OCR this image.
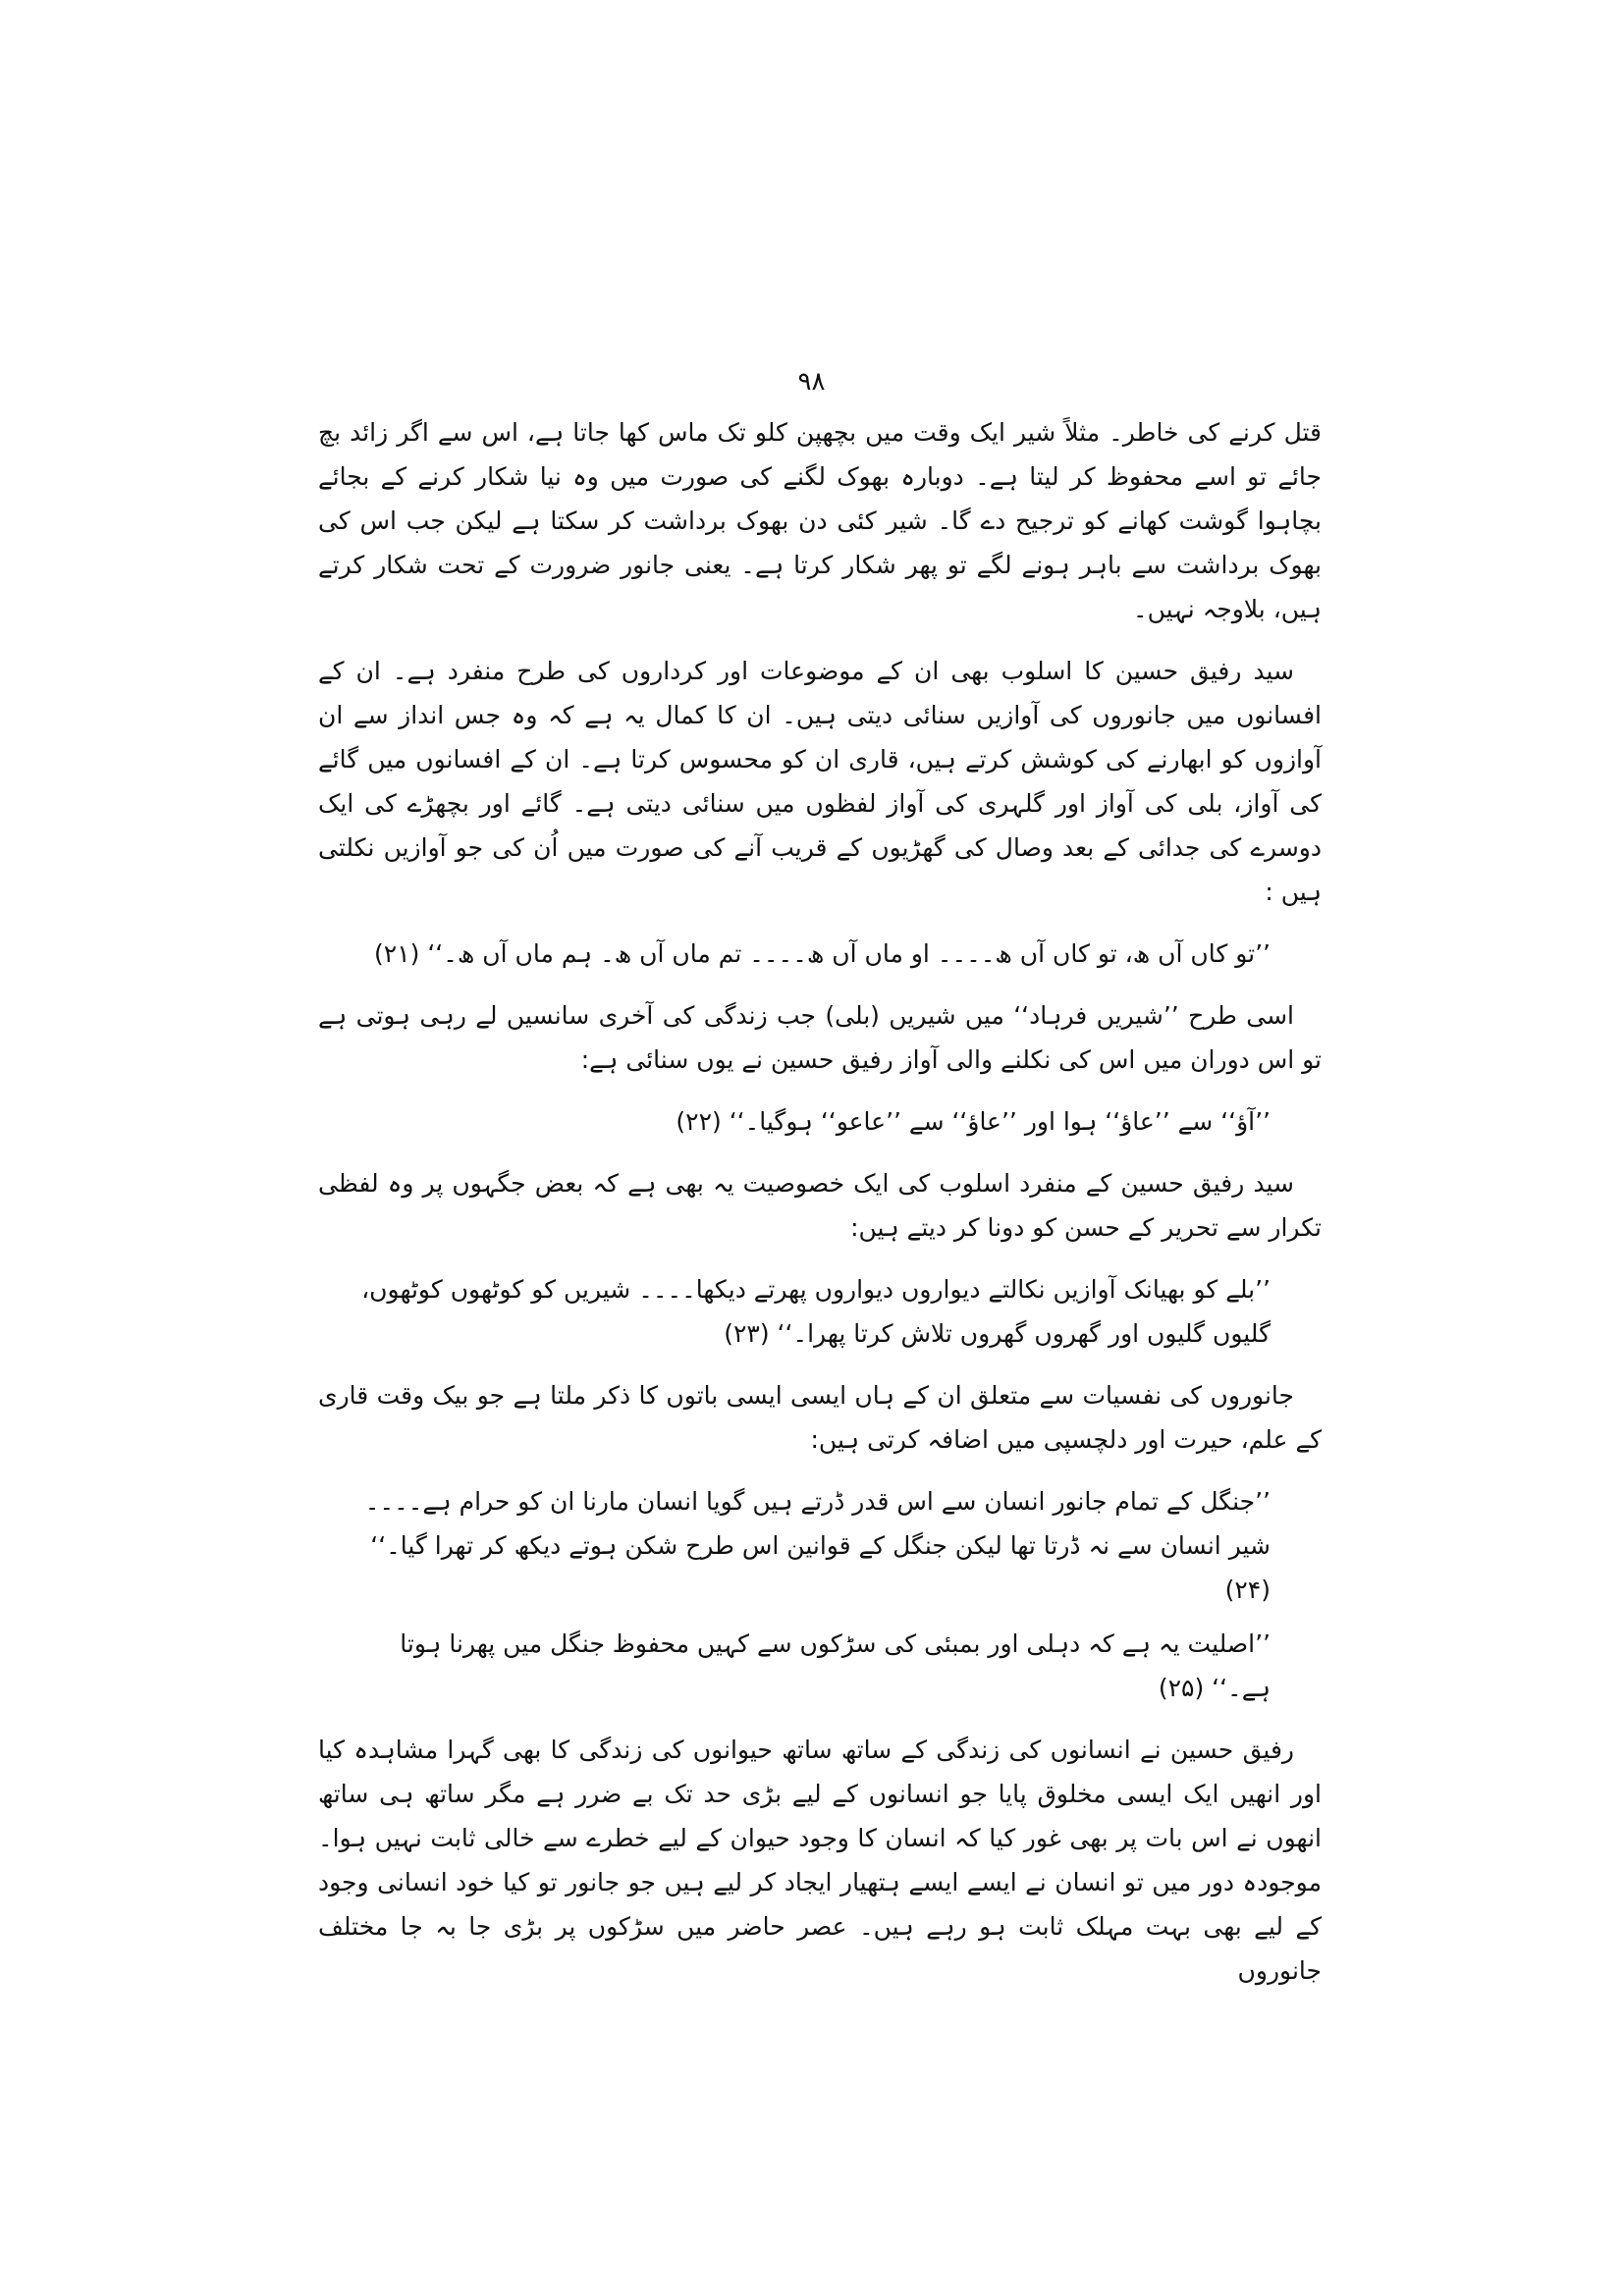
۹۸

قتل کرنے کی خاطر۔ مثلاً شیر ایک وقت میں بچھپن کلو تک ماس کھا جاتا ہے، اس سے اگر زائد بچ جائے تو اسے محفوظ کر لیتا ہے۔ دوبارہ بھوک لگنے کی صورت میں وہ نیا شکار کرنے کے بجائے بچاہوا گوشت کھانے کو ترجیح دے گا۔ شیر کئی دن بھوک برداشت کر سکتا ہے لیکن جب اس کی بھوک برداشت سے باہر ہونے لگے تو پھر شکار کرتا ہے۔ یعنی جانور ضرورت کے تحت شکار کرتے ہیں، بلاوجہ نہیں۔

سید رفیق حسین کا اسلوب بھی ان کے موضوعات اور کرداروں کی طرح منفرد ہے۔ ان کے افسانوں میں جانوروں کی آوازیں سنائی دیتی ہیں۔ ان کا کمال یہ ہے کہ وہ جس انداز سے ان آوازوں کو ابھارنے کی کوشش کرتے ہیں، قاری ان کو محسوس کرتا ہے۔ ان کے افسانوں میں گائے کی آواز، بلی کی آواز اور گلہری کی آواز لفظوں میں سنائی دیتی ہے۔ گائے اور بچھڑے کی ایک دوسرے کی جدائی کے بعد وصال کی گھڑیوں کے قریب آنے کی صورت میں اُن کی جو آوازیں نکلتی ہیں :

’’تو کاں آں ھ، تو کاں آں ھ۔۔۔۔ او ماں آں ھ۔۔۔۔ تم ماں آں ھ۔ ہم ماں آں ھ۔‘‘ (۲۱)

اسی طرح ’’شیریں فرہاد‘‘ میں شیریں (بلی) جب زندگی کی آخری سانسیں لے رہی ہوتی ہے تو اس دوران میں اس کی نکلنے والی آواز رفیق حسین نے یوں سنائی ہے:

’’آؤ‘‘ سے ’’عاؤ‘‘ ہوا اور ’’عاؤ‘‘ سے ’’عاعو‘‘ ہوگیا۔‘‘ (۲۲)

سید رفیق حسین کے منفرد اسلوب کی ایک خصوصیت یہ بھی ہے کہ بعض جگہوں پر وہ لفظی تکرار سے تحریر کے حسن کو دونا کر دیتے ہیں:

’’بلے کو بھیانک آوازیں نکالتے دیواروں دیواروں پھرتے دیکھا۔۔۔۔ شیریں کو کوٹھوں کوٹھوں، گلیوں گلیوں اور گھروں گھروں تلاش کرتا پھرا۔‘‘ (۲۳)

جانوروں کی نفسیات سے متعلق ان کے ہاں ایسی ایسی باتوں کا ذکر ملتا ہے جو بیک وقت قاری کے علم، حیرت اور دلچسپی میں اضافہ کرتی ہیں:

’’جنگل کے تمام جانور انسان سے اس قدر ڈرتے ہیں گویا انسان مارنا ان کو حرام ہے۔۔۔۔ شیر انسان سے نہ ڈرتا تھا لیکن جنگل کے قوانین اس طرح شکن ہوتے دیکھ کر تھرا گیا۔‘‘ (۲۴)

’’اصلیت یہ ہے کہ دہلی اور بمبئی کی سڑکوں سے کہیں محفوظ جنگل میں پھرنا ہوتا ہے۔‘‘ (۲۵)

رفیق حسین نے انسانوں کی زندگی کے ساتھ ساتھ حیوانوں کی زندگی کا بھی گہرا مشاہدہ کیا اور انھیں ایک ایسی مخلوق پایا جو انسانوں کے لیے بڑی حد تک بے ضرر ہے مگر ساتھ ہی ساتھ انھوں نے اس بات پر بھی غور کیا کہ انسان کا وجود حیوان کے لیے خطرے سے خالی ثابت نہیں ہوا۔ موجودہ دور میں تو انسان نے ایسے ایسے ہتھیار ایجاد کر لیے ہیں جو جانور تو کیا خود انسانی وجود کے لیے بھی بہت مہلک ثابت ہو رہے ہیں۔ عصر حاضر میں سڑکوں پر بڑی جا بہ جا مختلف جانوروں
